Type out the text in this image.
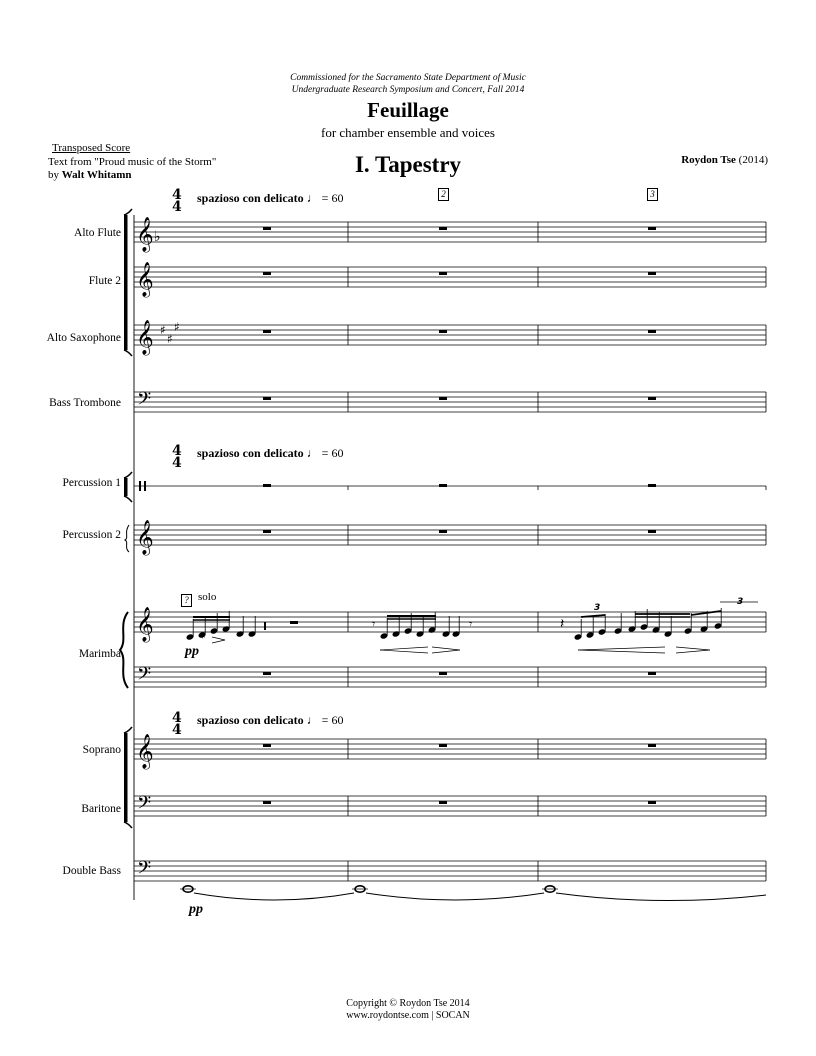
Commissioned for the Sacramento State Department of Music
Undergraduate Research Symposium and Concert, Fall 2014
Feuillage
for chamber ensemble and voices
I. Tapestry
Transposed Score
Text from "Proud music of the Storm"
by Walt Whitamn
Roydon Tse (2014)
spazioso con delicato ♩ = 60
spazioso con delicato ♩ = 60
spazioso con delicato ♩ = 60
2	3
Alto Flute
Flute 2
Alto Saxophone
Bass Trombone
Percussion 1
Percussion 2
Marimba
Soprano
Baritone
Double Bass
? solo
pp
pp
Copyright © Roydon Tse 2014
www.roydontse.com | SOCAN
𝄞
𝄞
𝄞
𝄢
𝄞
𝄞
𝄢
𝄞
𝄢
𝄢
♭
♯
♯
♯
4
4
4
4
4
4
♯
𝄾
𝄾	𝄽
3
3
